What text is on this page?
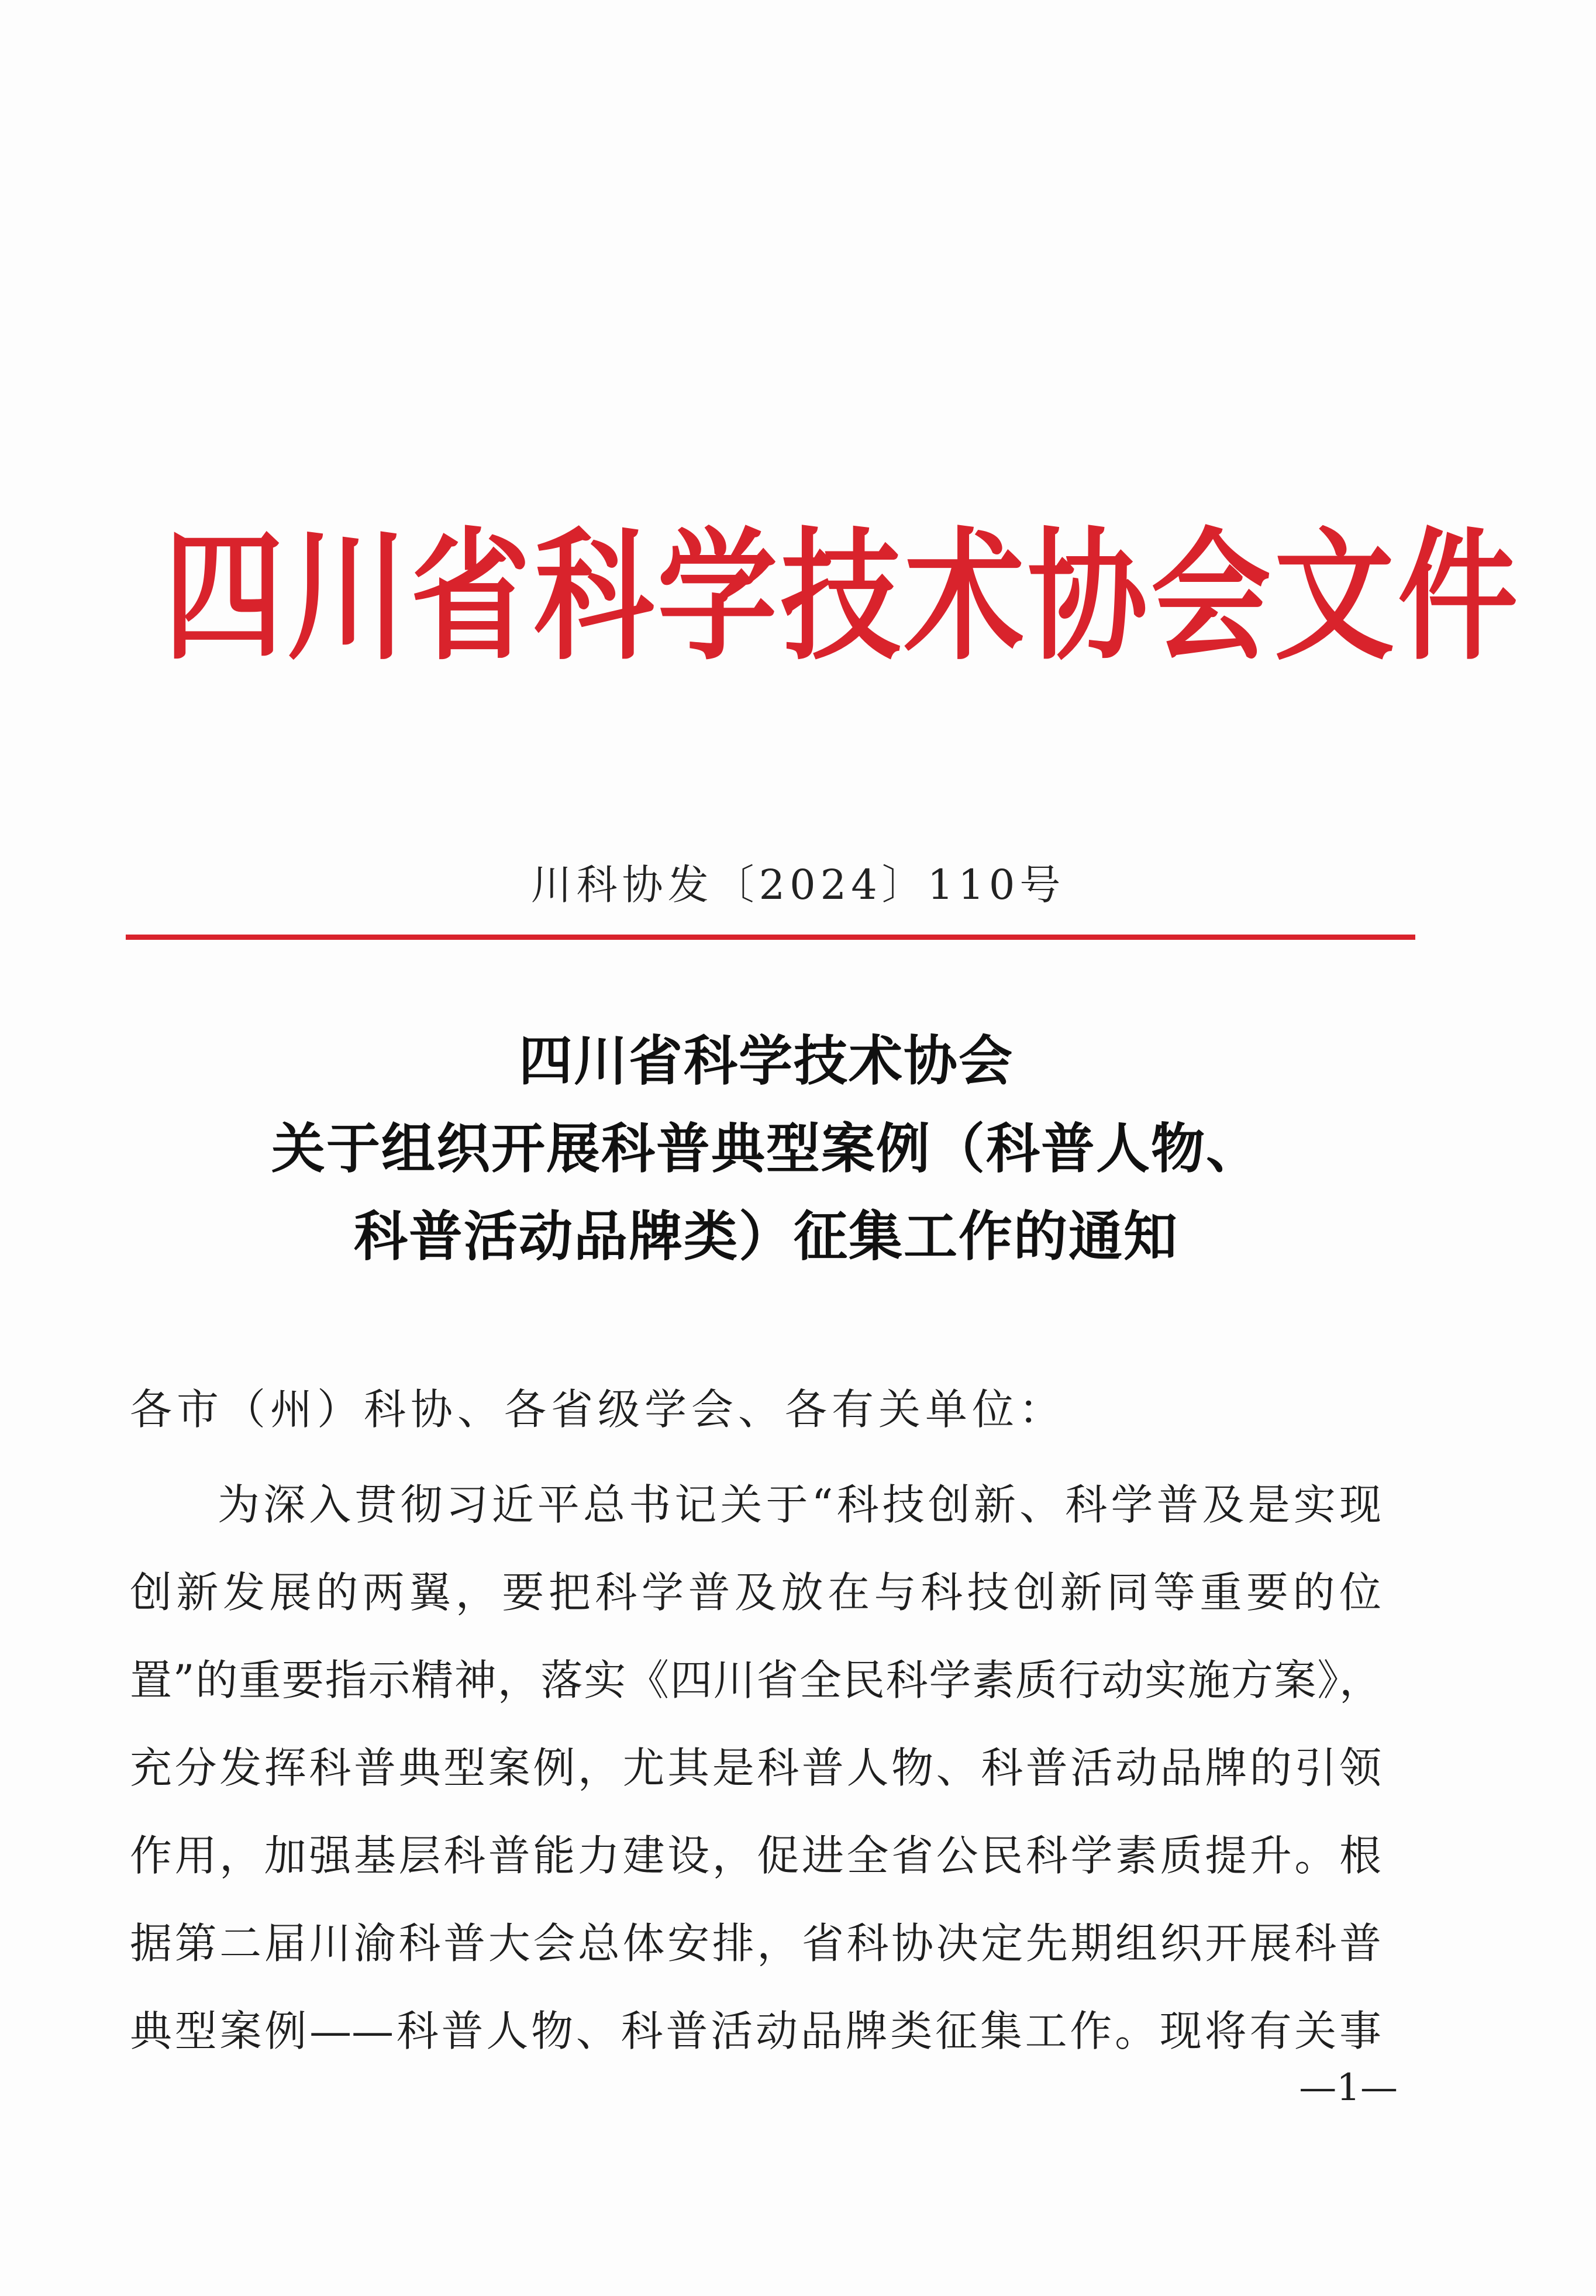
四川省科学技术协会文件
川科协发〔2024〕110号
四川省科学技术协会
关于组织开展科普典型案例（科普人物、
科普活动品牌类）征集工作的通知
各市（州）科协、各省级学会、各有关单位：
为深入贯彻习近平总书记关于“科技创新、科学普及是实现
创新发展的两翼，要把科学普及放在与科技创新同等重要的位
置”的重要指示精神，落实《四川省全民科学素质行动实施方案》，
充分发挥科普典型案例，尤其是科普人物、科普活动品牌的引领
作用，加强基层科普能力建设，促进全省公民科学素质提升。根
据第二届川渝科普大会总体安排，省科协决定先期组织开展科普
典型案例——科普人物、科普活动品牌类征集工作。现将有关事
—1—
